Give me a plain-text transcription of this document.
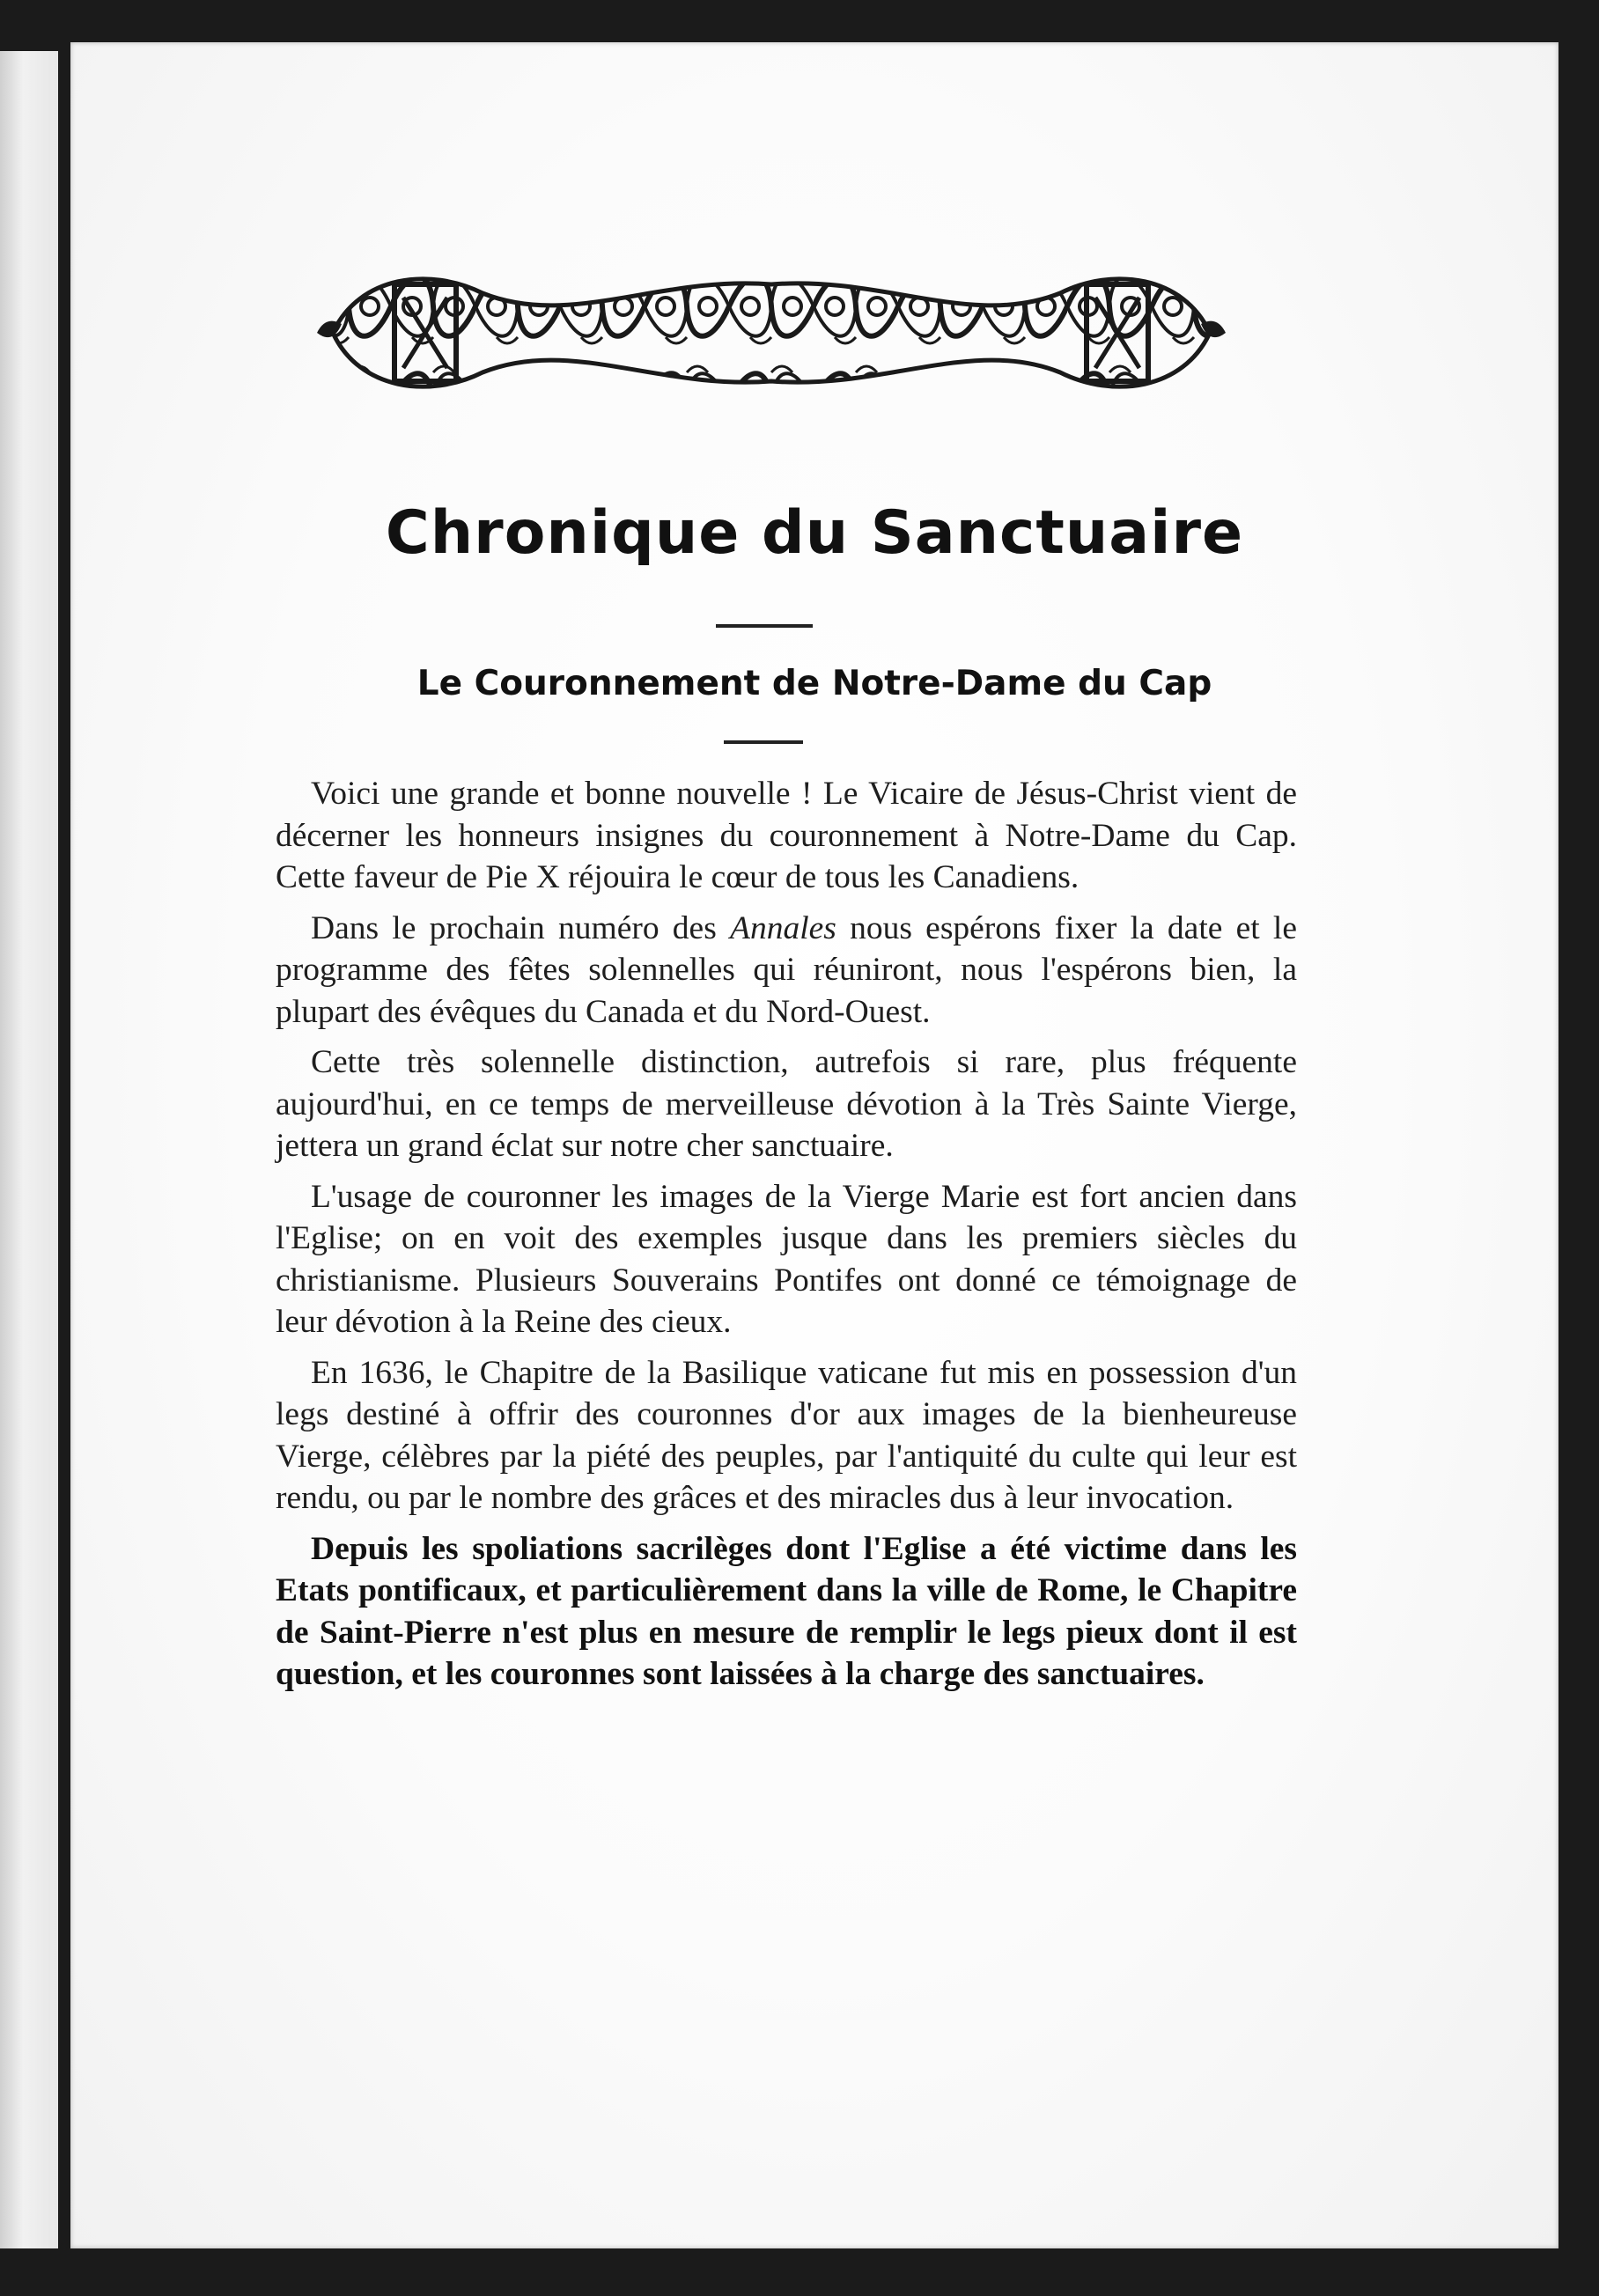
Chronique du Sanctuaire
Le Couronnement de Notre-Dame du Cap

Voici une grande et bonne nouvelle ! Le Vicaire de Jésus-Christ vient de décerner les honneurs insignes du couronnement à Notre-Dame du Cap. Cette faveur de Pie X réjouira le cœur de tous les Canadiens.

Dans le prochain numéro des Annales nous espérons fixer la date et le programme des fêtes solennelles qui réuniront, nous l'espérons bien, la plupart des évêques du Canada et du Nord-Ouest.

Cette très solennelle distinction, autrefois si rare, plus fréquente aujourd'hui, en ce temps de merveilleuse dévotion à la Très Sainte Vierge, jettera un grand éclat sur notre cher sanctuaire.

L'usage de couronner les images de la Vierge Marie est fort ancien dans l'Eglise; on en voit des exemples jusque dans les premiers siècles du christianisme. Plusieurs Souverains Pontifes ont donné ce témoignage de leur dévotion à la Reine des cieux.

En 1636, le Chapitre de la Basilique vaticane fut mis en possession d'un legs destiné à offrir des couronnes d'or aux images de la bienheureuse Vierge, célèbres par la piété des peuples, par l'antiquité du culte qui leur est rendu, ou par le nombre des grâces et des miracles dus à leur invocation.

Depuis les spoliations sacrilèges dont l'Eglise a été victime dans les Etats pontificaux, et particulièrement dans la ville de Rome, le Chapitre de Saint-Pierre n'est plus en mesure de remplir le legs pieux dont il est question, et les couronnes sont laissées à la charge des sanctuaires.
